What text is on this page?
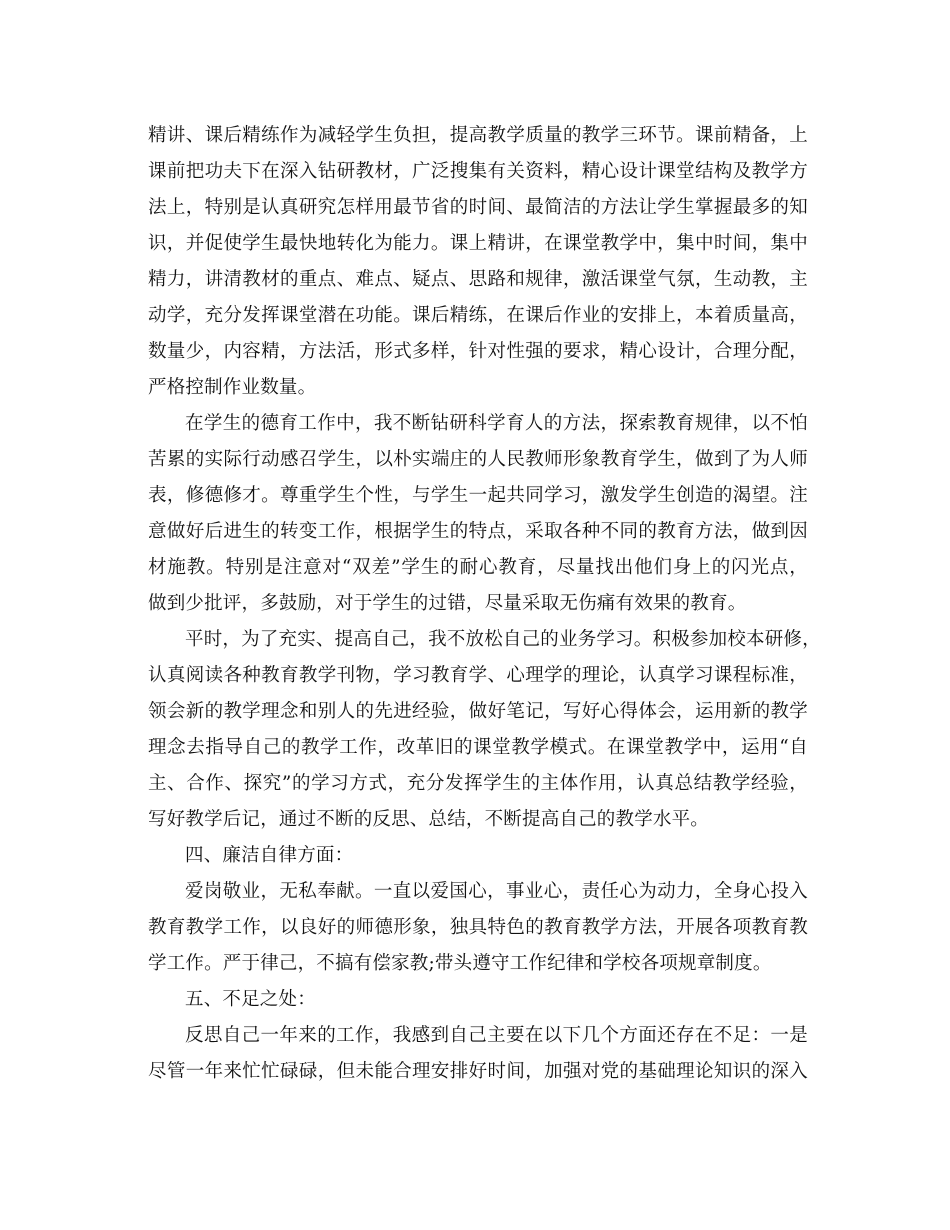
精讲、课后精练作为减轻学生负担，提高教学质量的教学三环节。课前精备，上
课前把功夫下在深入钻研教材，广泛搜集有关资料，精心设计课堂结构及教学方
法上，特别是认真研究怎样用最节省的时间、最简洁的方法让学生掌握最多的知
识，并促使学生最快地转化为能力。课上精讲，在课堂教学中，集中时间，集中
精力，讲清教材的重点、难点、疑点、思路和规律，激活课堂气氛，生动教，主
动学，充分发挥课堂潜在功能。课后精练，在课后作业的安排上，本着质量高，
数量少，内容精，方法活，形式多样，针对性强的要求，精心设计，合理分配，
严格控制作业数量。
在学生的德育工作中，我不断钻研科学育人的方法，探索教育规律，以不怕
苦累的实际行动感召学生，以朴实端庄的人民教师形象教育学生，做到了为人师
表，修德修才。尊重学生个性，与学生一起共同学习，激发学生创造的渴望。注
意做好后进生的转变工作，根据学生的特点，采取各种不同的教育方法，做到因
材施教。特别是注意对“双差”学生的耐心教育，尽量找出他们身上的闪光点，
做到少批评，多鼓励，对于学生的过错，尽量采取无伤痛有效果的教育。
平时，为了充实、提高自己，我不放松自己的业务学习。积极参加校本研修，
认真阅读各种教育教学刊物，学习教育学、心理学的理论，认真学习课程标准，
领会新的教学理念和别人的先进经验，做好笔记，写好心得体会，运用新的教学
理念去指导自己的教学工作，改革旧的课堂教学模式。在课堂教学中，运用“自
主、合作、探究”的学习方式，充分发挥学生的主体作用，认真总结教学经验，
写好教学后记，通过不断的反思、总结，不断提高自己的教学水平。
四、廉洁自律方面：
爱岗敬业，无私奉献。一直以爱国心，事业心，责任心为动力，全身心投入
教育教学工作，以良好的师德形象，独具特色的教育教学方法，开展各项教育教
学工作。严于律己，不搞有偿家教;带头遵守工作纪律和学校各项规章制度。
五、不足之处：
反思自己一年来的工作，我感到自己主要在以下几个方面还存在不足：一是
尽管一年来忙忙碌碌，但未能合理安排好时间，加强对党的基础理论知识的深入
